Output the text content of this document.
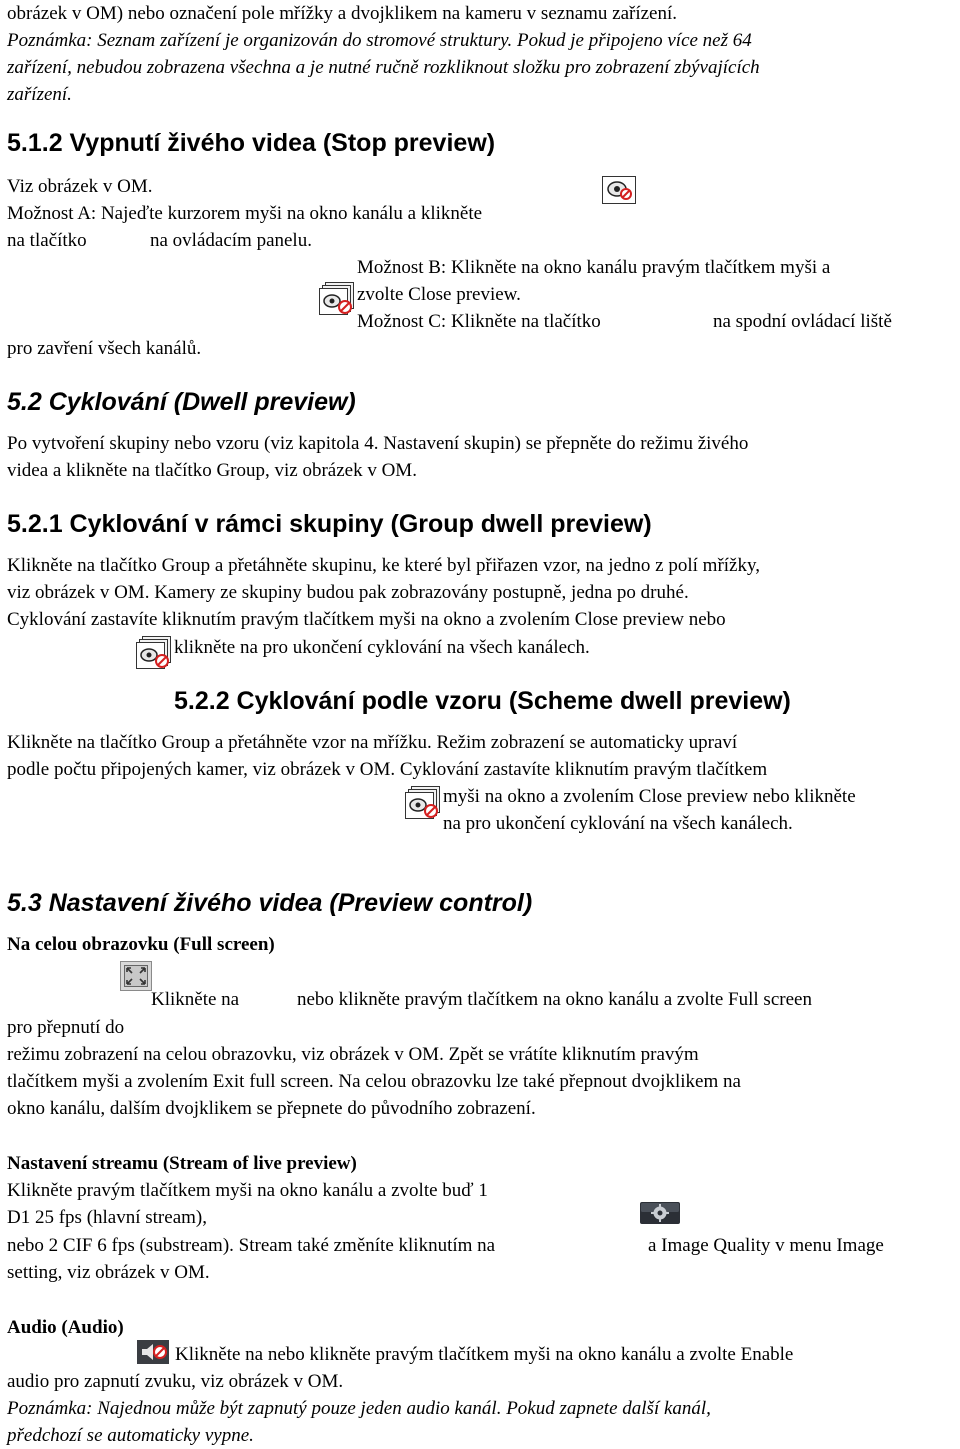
obrázek v OM) nebo označení pole mřížky a dvojklikem na kameru v seznamu zařízení.
Poznámka: Seznam zařízení je organizován do stromové struktury. Pokud je připojeno více než 64
zařízení, nebudou zobrazena všechna a je nutné ručně rozkliknout složku pro zobrazení zbývajících
zařízení.
5.1.2 Vypnutí živého videa (Stop preview)
Viz obrázek v OM.
Možnost A: Najeďte kurzorem myši na okno kanálu a klikněte
na tlačítko	na ovládacím panelu.
Možnost B: Klikněte na okno kanálu pravým tlačítkem myši a
zvolte Close preview.
Možnost C: Klikněte na tlačítko	na spodní ovládací liště
pro zavření všech kanálů.
5.2 Cyklování (Dwell preview)
Po vytvoření skupiny nebo vzoru (viz kapitola 4. Nastavení skupin) se přepněte do režimu živého
videa a klikněte na tlačítko Group, viz obrázek v OM.
5.2.1 Cyklování v rámci skupiny (Group dwell preview)
Klikněte na tlačítko Group a přetáhněte skupinu, ke které byl přiřazen vzor, na jedno z polí mřížky,
viz obrázek v OM. Kamery ze skupiny budou pak zobrazovány postupně, jedna po druhé.
Cyklování zastavíte kliknutím pravým tlačítkem myši na okno a zvolením Close preview nebo
klikněte na pro ukončení cyklování na všech kanálech.
5.2.2 Cyklování podle vzoru (Scheme dwell preview)
Klikněte na tlačítko Group a přetáhněte vzor na mřížku. Režim zobrazení se automaticky upraví
podle počtu připojených kamer, viz obrázek v OM. Cyklování zastavíte kliknutím pravým tlačítkem
myši na okno a zvolením Close preview nebo klikněte
na pro ukončení cyklování na všech kanálech.
5.3 Nastavení živého videa (Preview control)
Na celou obrazovku (Full screen)
Klikněte na	nebo klikněte pravým tlačítkem na okno kanálu a zvolte Full screen
pro přepnutí do
režimu zobrazení na celou obrazovku, viz obrázek v OM. Zpět se vrátíte kliknutím pravým
tlačítkem myši a zvolením Exit full screen. Na celou obrazovku lze také přepnout dvojklikem na
okno kanálu, dalším dvojklikem se přepnete do původního zobrazení.
Nastavení streamu (Stream of live preview)
Klikněte pravým tlačítkem myši na okno kanálu a zvolte buď 1
D1 25 fps (hlavní stream),
nebo 2 CIF 6 fps (substream). Stream také změníte kliknutím na	a Image Quality v menu Image
setting, viz obrázek v OM.
Audio (Audio)
Klikněte na nebo klikněte pravým tlačítkem myši na okno kanálu a zvolte Enable
audio pro zapnutí zvuku, viz obrázek v OM.
Poznámka: Najednou může být zapnutý pouze jeden audio kanál. Pokud zapnete další kanál,
předchozí se automaticky vypne.
